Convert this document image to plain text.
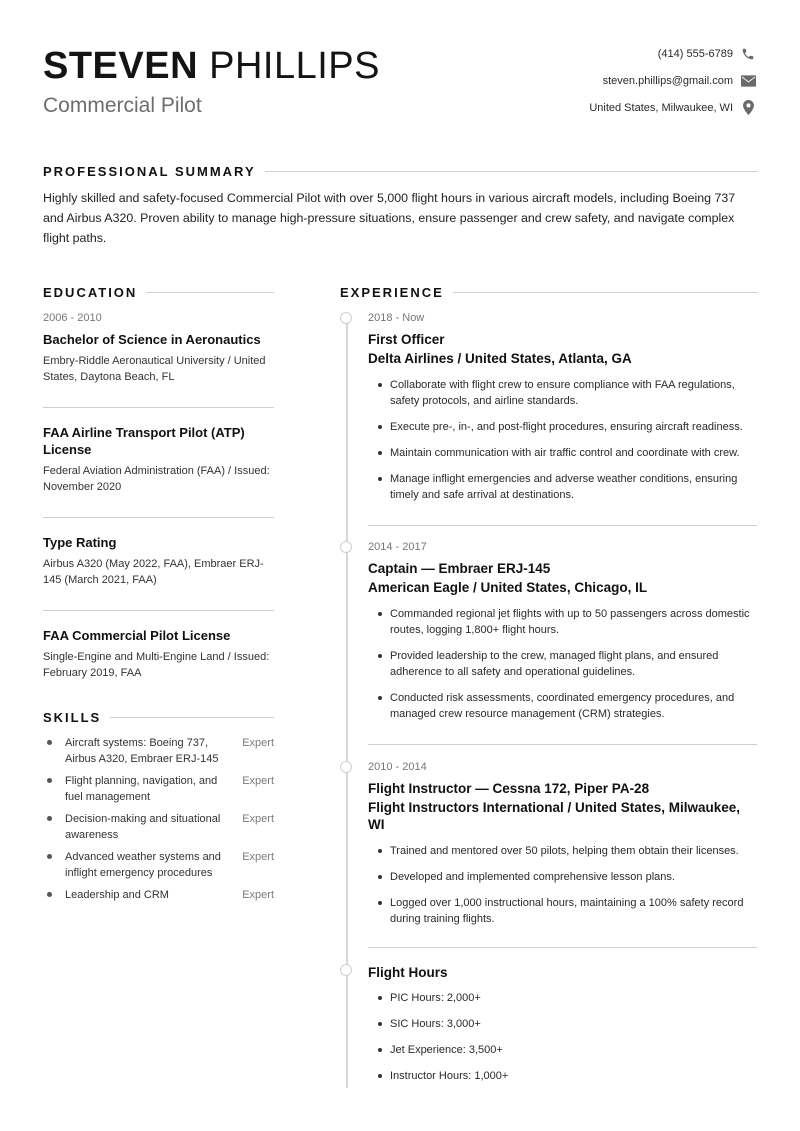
STEVEN PHILLIPS
Commercial Pilot
(414) 555-6789
steven.phillips@gmail.com
United States, Milwaukee, WI
PROFESSIONAL SUMMARY
Highly skilled and safety-focused Commercial Pilot with over 5,000 flight hours in various aircraft models, including Boeing 737 and Airbus A320. Proven ability to manage high-pressure situations, ensure passenger and crew safety, and navigate complex flight paths.
EDUCATION
2006 - 2010
Bachelor of Science in Aeronautics
Embry-Riddle Aeronautical University / United States, Daytona Beach, FL
FAA Airline Transport Pilot (ATP) License
Federal Aviation Administration (FAA) / Issued: November 2020
Type Rating
Airbus A320 (May 2022, FAA), Embraer ERJ-145 (March 2021, FAA)
FAA Commercial Pilot License
Single-Engine and Multi-Engine Land / Issued: February 2019, FAA
SKILLS
Aircraft systems: Boeing 737, Airbus A320, Embraer ERJ-145
Expert
Flight planning, navigation, and fuel management
Expert
Decision-making and situational awareness
Expert
Advanced weather systems and inflight emergency procedures
Expert
Leadership and CRM	Expert
EXPERIENCE
2018 - Now
First Officer
Delta Airlines / United States, Atlanta, GA
Collaborate with flight crew to ensure compliance with FAA regulations, safety protocols, and airline standards.
Execute pre-, in-, and post-flight procedures, ensuring aircraft readiness.
Maintain communication with air traffic control and coordinate with crew.
Manage inflight emergencies and adverse weather conditions, ensuring timely and safe arrival at destinations.
2014 - 2017
Captain — Embraer ERJ-145
American Eagle / United States, Chicago, IL
Commanded regional jet flights with up to 50 passengers across domestic routes, logging 1,800+ flight hours.
Provided leadership to the crew, managed flight plans, and ensured adherence to all safety and operational guidelines.
Conducted risk assessments, coordinated emergency procedures, and managed crew resource management (CRM) strategies.
2010 - 2014
Flight Instructor — Cessna 172, Piper PA-28
Flight Instructors International / United States, Milwaukee, WI
Trained and mentored over 50 pilots, helping them obtain their licenses.
Developed and implemented comprehensive lesson plans.
Logged over 1,000 instructional hours, maintaining a 100% safety record during training flights.
Flight Hours
PIC Hours: 2,000+
SIC Hours: 3,000+
Jet Experience: 3,500+
Instructor Hours: 1,000+
